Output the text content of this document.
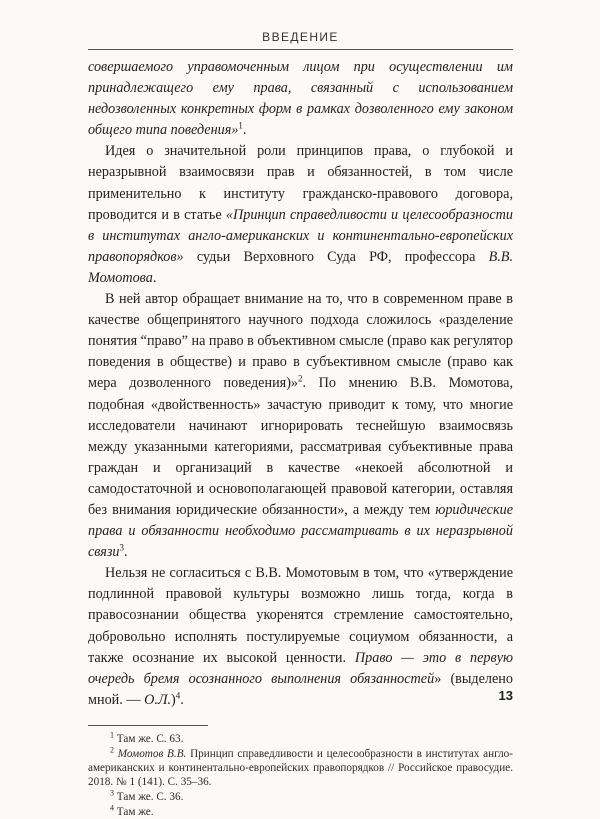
ВВЕДЕНИЕ

совершаемого управомоченным лицом при осуществлении им принадлежащего ему права, связанный с использованием недозволенных конкретных форм в рамках дозволенного ему законом общего типа поведения»$^1$.

Идея о значительной роли принципов права, о глубокой и неразрывной взаимосвязи прав и обязанностей, в том числе применительно к институту гражданско-правового договора, проводится и в статье «Принцип справедливости и целесообразности в институтах англо-американских и континентально-европейских правопорядков» судьи Верховного Суда РФ, профессора В.В. Момотова.

В ней автор обращает внимание на то, что в современном праве в качестве общепринятого научного подхода сложилось «разделение понятия “право” на право в объективном смысле (право как регулятор поведения в обществе) и право в субъективном смысле (право как мера дозволенного поведения)»$^2$. По мнению В.В. Момотова, подобная «двойственность» зачастую приводит к тому, что многие исследователи начинают игнорировать теснейшую взаимосвязь между указанными категориями, рассматривая субъективные права граждан и организаций в качестве «некоей абсолютной и самодостаточной и основополагающей правовой категории, оставляя без внимания юридические обязанности», а между тем юридические права и обязанности необходимо рассматривать в их неразрывной связи$^3$.

Нельзя не согласиться с В.В. Момотовым в том, что «утверждение подлинной правовой культуры возможно лишь тогда, когда в правосознании общества укоренятся стремление самостоятельно, добровольно исполнять постулируемые социумом обязанности, а также осознание их высокой ценности. Право — это в первую очередь бремя осознанного выполнения обязанностей» (выделено мной. — О.Л.)$^4$.

$^1$ Там же. С. 63.

$^2$ Момотов В.В. Принцип справедливости и целесообразности в институтах англо-американских и континентально-европейских правопорядков // Российское правосудие. 2018. № 1 (141). С. 35–36.

$^3$ Там же. С. 36.

$^4$ Там же.

13
